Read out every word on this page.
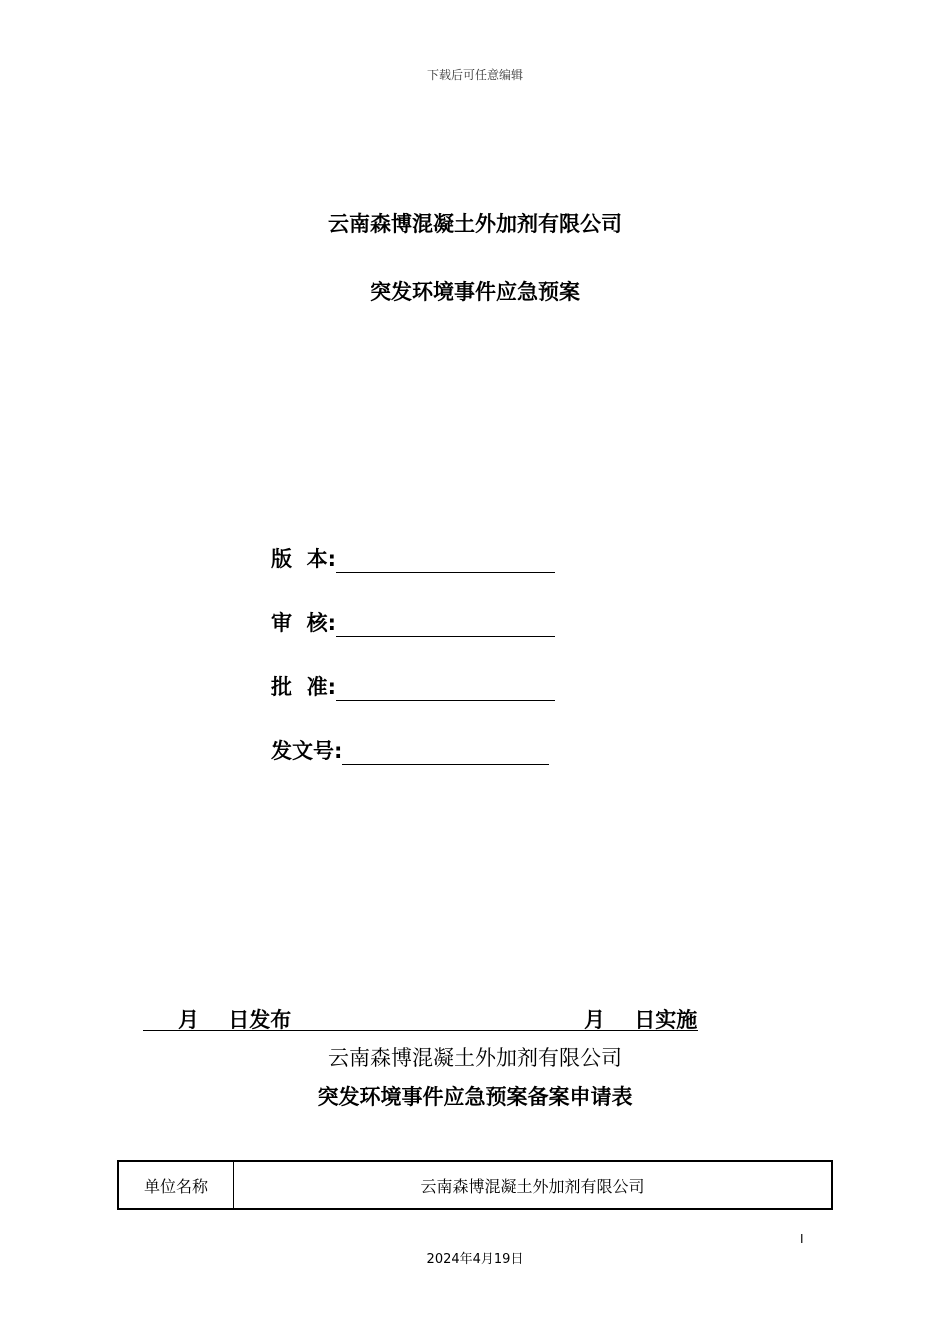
下载后可任意编辑
云南森博混凝土外加剂有限公司
突发环境事件应急预案
版  本:
审  核:
批  准:
发文号:
月    日发布	月    日实施
云南森博混凝土外加剂有限公司
突发环境事件应急预案备案申请表
单位名称	云南森博混凝土外加剂有限公司
I
2024年4月19日
